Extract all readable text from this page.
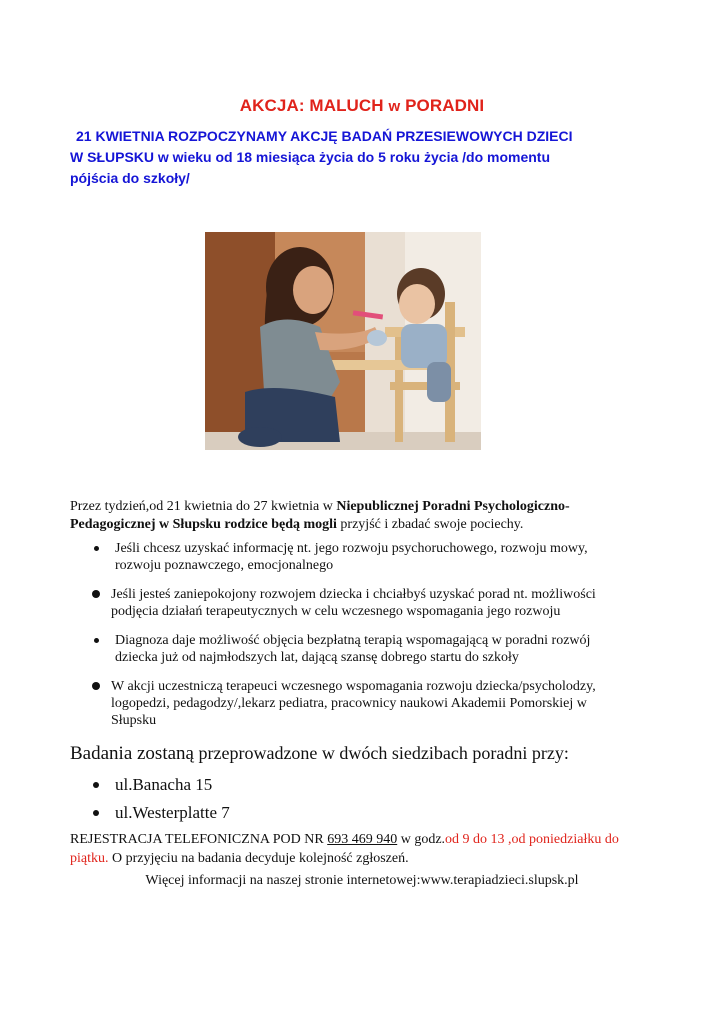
AKCJA: MALUCH w PORADNI
21 KWIETNIA ROZPOCZYNAMY AKCJĘ BADAŃ PRZESIEWOWYCH DZIECI
W SŁUPSKU w wieku od 18 miesiąca życia do 5 roku życia /do momentu
pójścia do szkoły/
Przez tydzień,od 21 kwietnia do 27 kwietnia w Niepublicznej Poradni Psychologiczno-
Pedagogicznej w Słupsku rodzice będą mogli przyjść i zbadać swoje pociechy.
Jeśli chcesz uzyskać informację nt. jego rozwoju psychoruchowego, rozwoju mowy,
rozwoju poznawczego, emocjonalnego
Jeśli jesteś zaniepokojony rozwojem dziecka i chciałbyś uzyskać porad nt. możliwości
podjęcia działań terapeutycznych w celu wczesnego wspomagania jego rozwoju
Diagnoza daje możliwość objęcia bezpłatną terapią wspomagającą w poradni rozwój
dziecka już od najmłodszych lat, dającą szansę dobrego startu do szkoły
W akcji uczestniczą terapeuci wczesnego wspomagania rozwoju dziecka/psycholodzy,
logopedzi, pedagodzy/,lekarz pediatra, pracownicy naukowi Akademii Pomorskiej w
Słupsku
Badania zostaną przeprowadzone w dwóch siedzibach poradni przy:
ul.Banacha 15
ul.Westerplatte 7
REJESTRACJA TELEFONICZNA POD NR 693 469 940 w godz.od 9 do 13 ,od poniedziałku do
piątku. O przyjęciu na badania decyduje kolejność zgłoszeń.
Więcej informacji na naszej stronie internetowej:www.terapiadzieci.slupsk.pl
